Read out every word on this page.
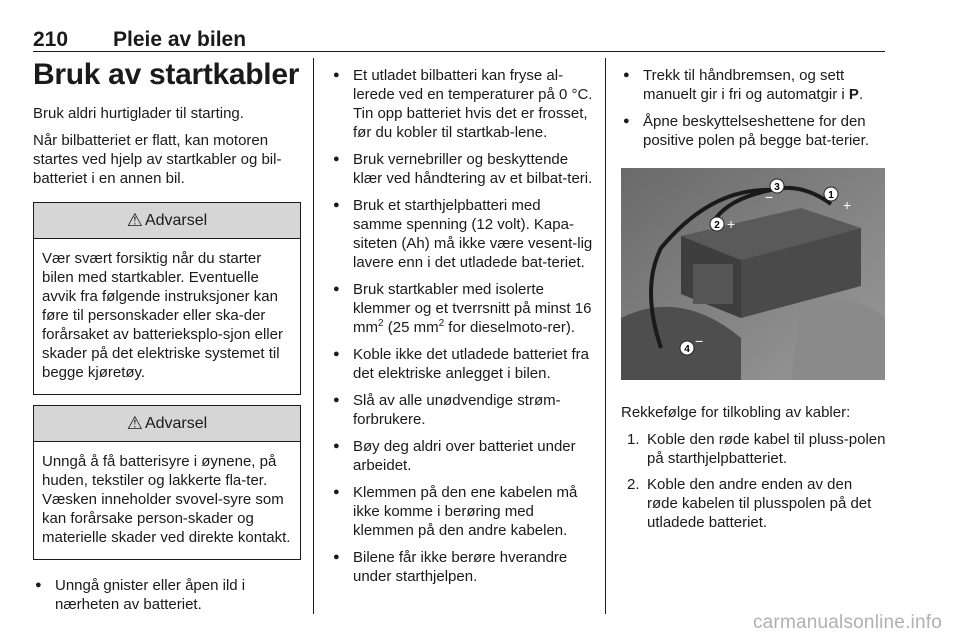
210 Pleie av bilen
Bruk av startkabler

Bruk aldri hurtiglader til starting.

Når bilbatteriet er flatt, kan motoren startes ved hjelp av startkabler og bil-batteriet i en annen bil.

⚠ Advarsel
Vær svært forsiktig når du starter bilen med startkabler. Eventuelle avvik fra følgende instruksjoner kan føre til personskader eller ska-der forårsaket av batterieksplo-sjon eller skader på det elektriske systemet til begge kjøretøy.
⚠ Advarsel
Unngå å få batterisyre i øynene, på huden, tekstiler og lakkerte fla-ter. Væsken inneholder svovel-syre som kan forårsake person-skader og materielle skader ved direkte kontakt.
● Unngå gnister eller åpen ild i nærheten av batteriet.
● Et utladet bilbatteri kan fryse al-lerede ved en temperaturer på 0 °C. Tin opp batteriet hvis det er frosset, før du kobler til startkab-lene.
● Bruk vernebriller og beskyttende klær ved håndtering av et bilbat-teri.
● Bruk et starthjelpbatteri med samme spenning (12 volt). Kapa-siteten (Ah) må ikke være vesent-lig lavere enn i det utladede bat-teriet.
● Bruk startkabler med isolerte klemmer og et tverrsnitt på minst 16 $mm^2$ (25 $mm^2$ for dieselmoto-rer).
● Koble ikke det utladede batteriet fra det elektriske anlegget i bilen.
● Slå av alle unødvendige strøm-forbrukere.
● Bøy deg aldri over batteriet under arbeidet.
● Klemmen på den ene kabelen må ikke komme i berøring med klemmen på den andre kabelen.
● Bilene får ikke berøre hverandre under starthjelpen.
● Trekk til håndbremsen, og sett manuelt gir i fri og automatgir i P.
● Åpne beskyttelseshettene for den positive polen på begge bat-terier.
1
+
2 +
3
−
4
−

Rekkefølge for tilkobling av kabler:

1. Koble den røde kabel til pluss-polen på starthjelpbatteriet.
2. Koble den andre enden av den røde kabelen til plusspolen på det utladede batteriet.
carmanualsonline.info
